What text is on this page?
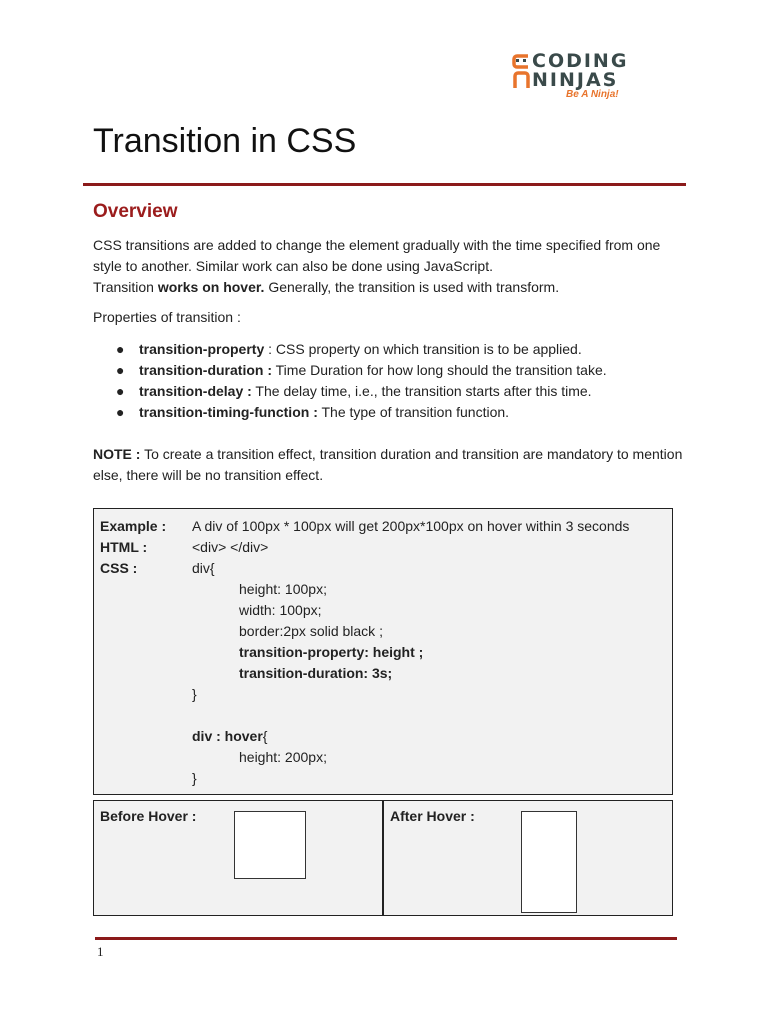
CODING
NINJAS
Be A Ninja!
Transition in CSS
Overview

CSS transitions are added to change the element gradually with the time specified from one style to another. Similar work can also be done using JavaScript.
Transition works on hover. Generally, the transition is used with transform.

Properties of transition :

● transition-property : CSS property on which transition is to be applied.
● transition-duration : Time Duration for how long should the transition take.
● transition-delay : The delay time, i.e., the transition starts after this time.
● transition-timing-function : The type of transition function.

NOTE : To create a transition effect, transition duration and transition are mandatory to mention else, there will be no transition effect.

Example : A div of 100px * 100px will get 200px*100px on hover within 3 seconds
HTML :	<div> </div>
CSS :	div{
height: 100px;
width: 100px;
border:2px solid black ;
transition-property: height ;
transition-duration: 3s;
}
div : hover{
height: 200px;
}
Before Hover :	After Hover :
1
